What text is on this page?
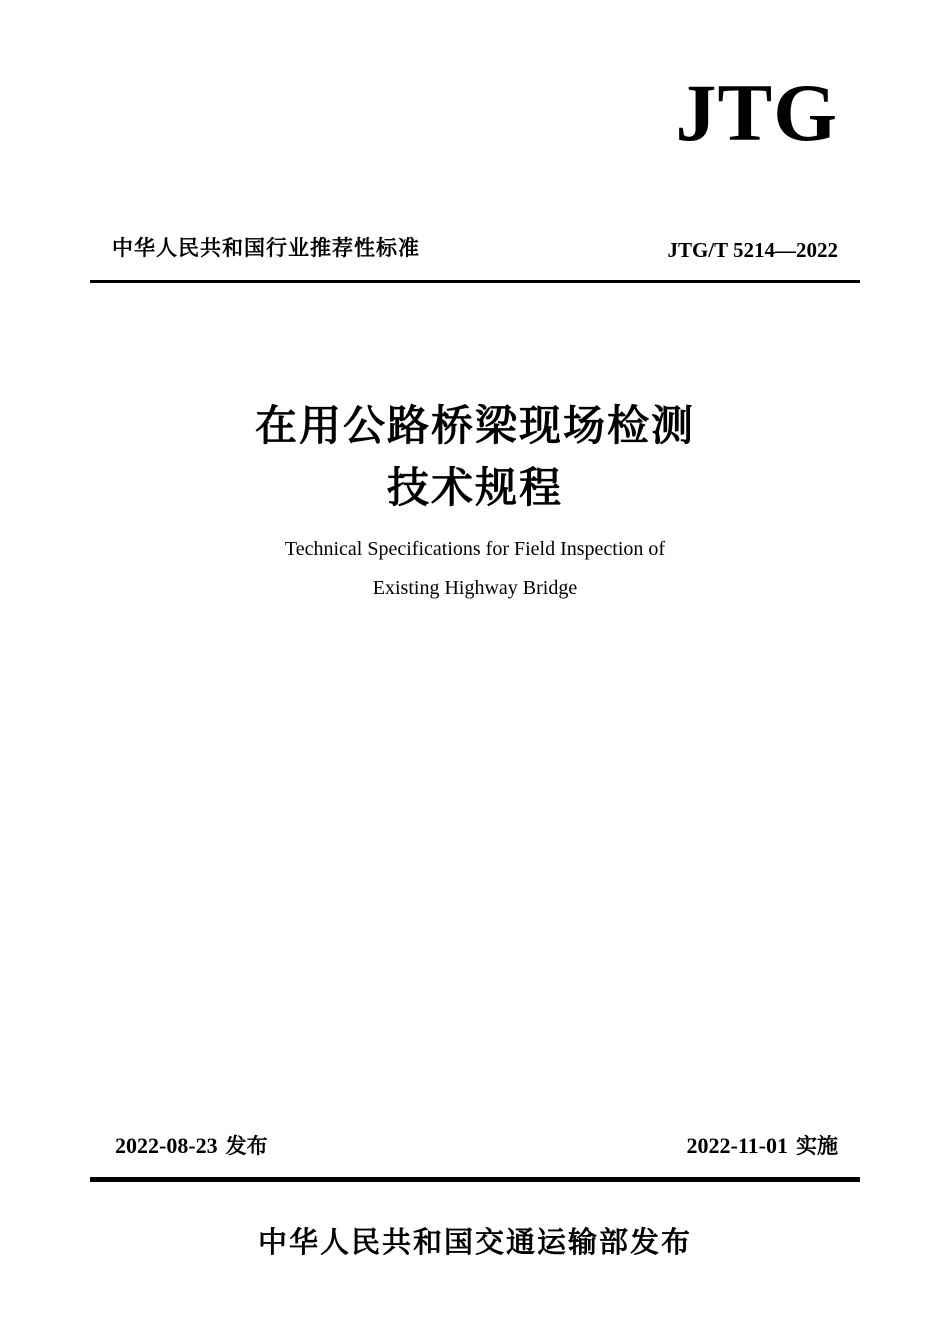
JTG
中华人民共和国行业推荐性标准	JTG/T 5214—2022
在用公路桥梁现场检测
技术规程
Technical Specifications for Field Inspection of
Existing Highway Bridge
2022-08-23 发布	2022-11-01 实施
中华人民共和国交通运输部发布
